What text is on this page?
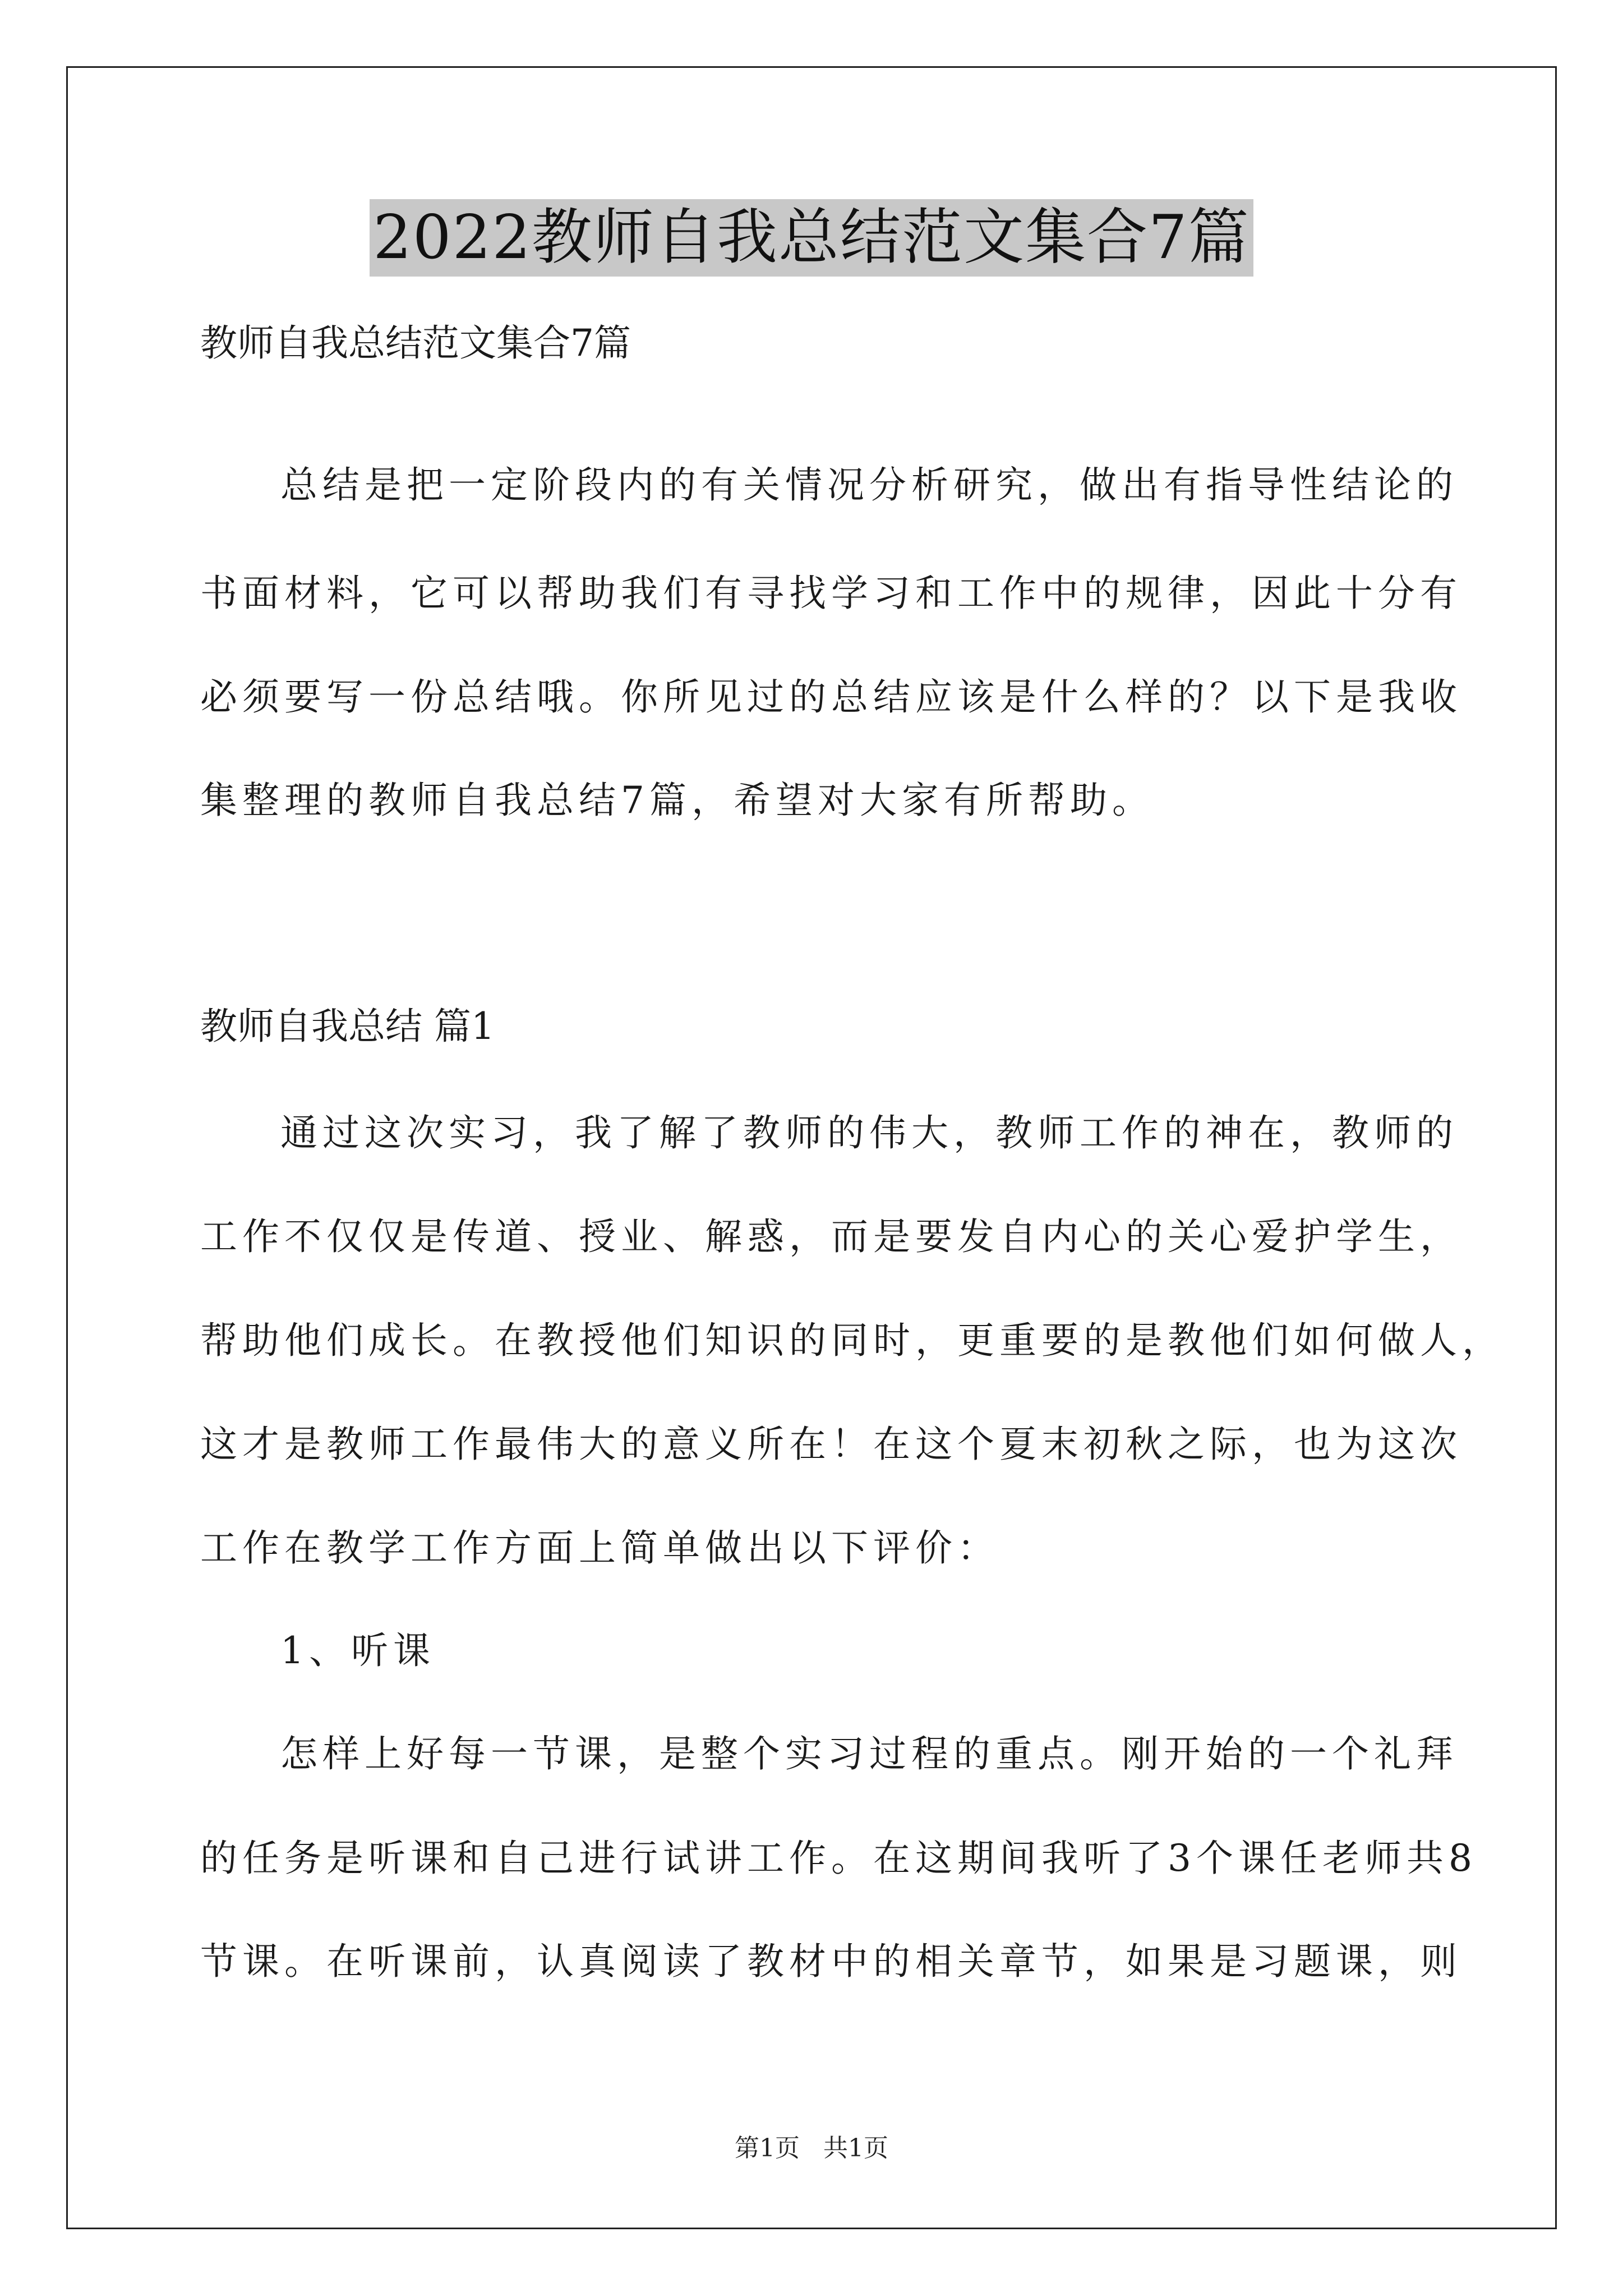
2022教师自我总结范文集合7篇
教师自我总结范文集合7篇
总结是把一定阶段内的有关情况分析研究，做出有指导性结论的
书面材料，它可以帮助我们有寻找学习和工作中的规律，因此十分有
必须要写一份总结哦。你所见过的总结应该是什么样的？以下是我收
集整理的教师自我总结7篇，希望对大家有所帮助。
教师自我总结 篇1
通过这次实习，我了解了教师的伟大，教师工作的神在，教师的
工作不仅仅是传道、授业、解惑，而是要发自内心的关心爱护学生，
帮助他们成长。在教授他们知识的同时，更重要的是教他们如何做人，
这才是教师工作最伟大的意义所在！在这个夏末初秋之际，也为这次
工作在教学工作方面上简单做出以下评价：
1、听课
怎样上好每一节课，是整个实习过程的重点。刚开始的一个礼拜
的任务是听课和自己进行试讲工作。在这期间我听了3个课任老师共8
节课。在听课前，认真阅读了教材中的相关章节，如果是习题课，则
第1页 共1页
